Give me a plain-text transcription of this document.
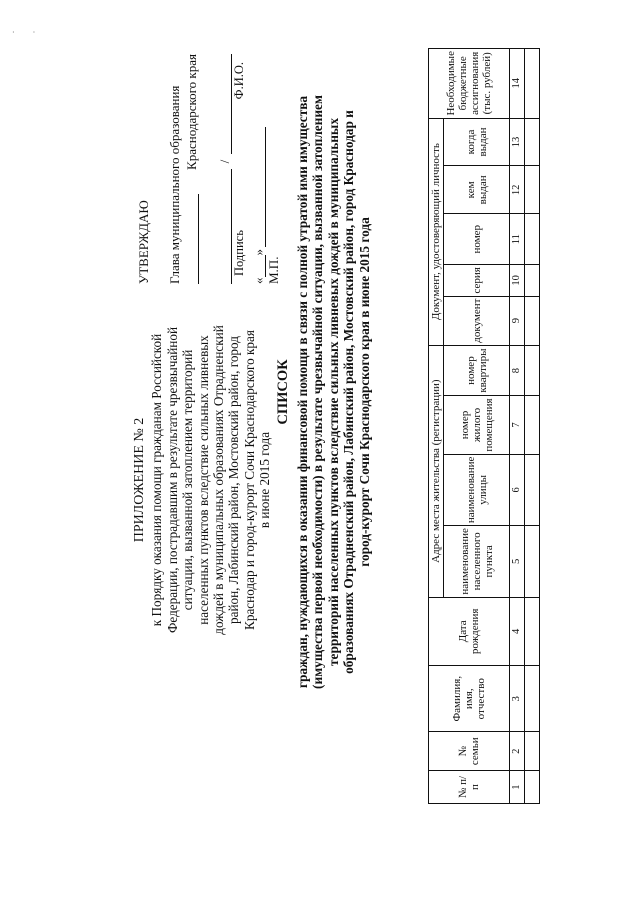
· ·
ПРИЛОЖЕНИЕ № 2 к Порядку оказания помощи гражданам Российской Федерации, пострадавшим в результате чрезвычайной ситуации, вызванной затоплением территорий населенных пунктов вследствие сильных ливневых дождей в муниципальных образованиях Отрадненский район, Лабинский район, Мостовский район, город Краснодар и город-курорт Сочи Краснодарского края в июне 2015 года
УТВЕРЖДАЮ Глава муниципального образования Краснодарского края /
Подпись
Ф.И.О.
«
»
М.П.
СПИСОК граждан, нуждающихся в оказании финансовой помощи в связи с полной утратой ими имущества (имущества первой необходимости) в результате чрезвычайной ситуации, вызванной затоплением территорий населенных пунктов вследствие сильных ливневых дождей в муниципальных образованиях Отрадненский район, Лабинский район, Мостовский район, город Краснодар и город-курорт Сочи Краснодарского края в июне 2015 года
№ п/п	№ семьи	Фамилия, имя, отчество	Дата рождения	Адрес места жительства (регистрации)				Документ, удостоверяющий личность					Необходимые бюджетные ассигнования (тыс. рублей)
				наименование населенного пункта	наименование улицы	номер жилого помещения	номер квартиры	документ	серия	номер	кем выдан	когда выдан	
1	2	3	4	5	6	7	8	9	10	11	12	13	14
